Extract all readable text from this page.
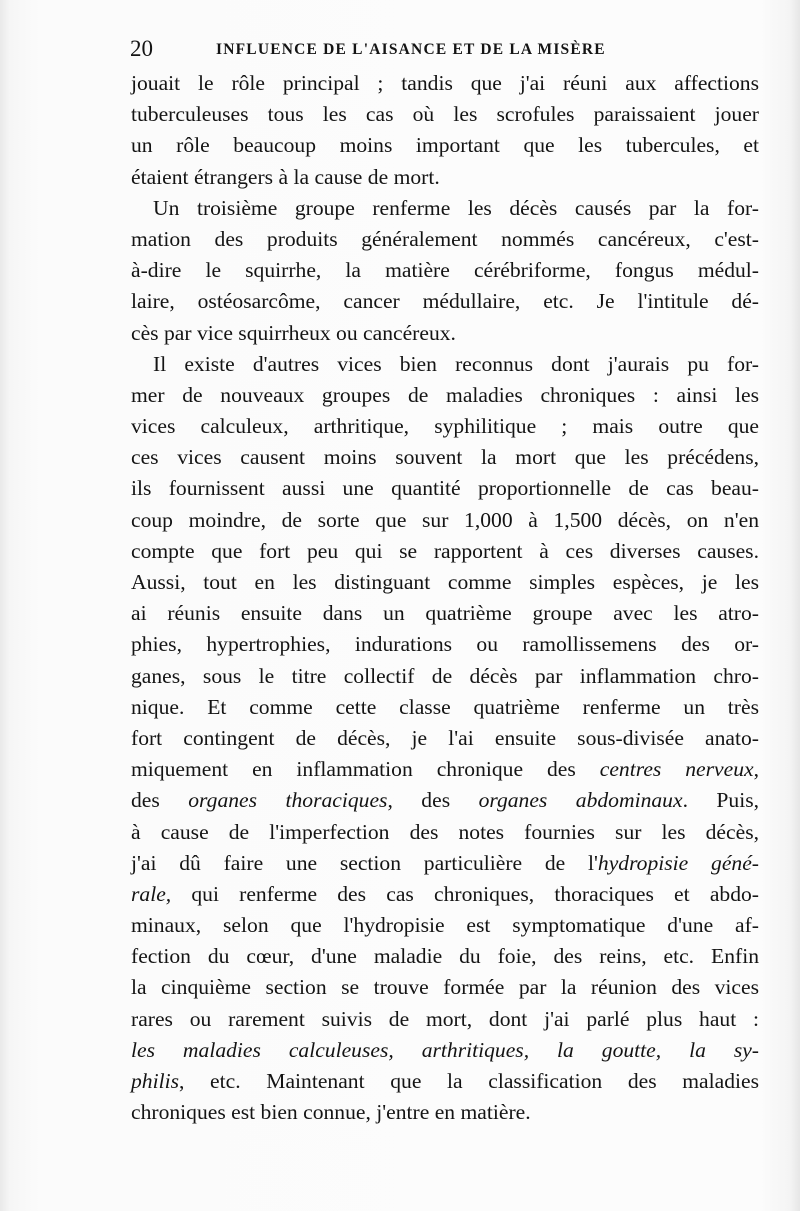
20	INFLUENCE DE L'AISANCE ET DE LA MISÈRE
jouait le rôle principal ; tandis que j'ai réuni aux affections
tuberculeuses tous les cas où les scrofules paraissaient jouer
un rôle beaucoup moins important que les tubercules, et
étaient étrangers à la cause de mort.
Un troisième groupe renferme les décès causés par la for-
mation des produits généralement nommés cancéreux, c'est-
à-dire le squirrhe, la matière cérébriforme, fongus médul-
laire, ostéosarcôme, cancer médullaire, etc. Je l'intitule dé-
cès par vice squirrheux ou cancéreux.
Il existe d'autres vices bien reconnus dont j'aurais pu for-
mer de nouveaux groupes de maladies chroniques : ainsi les
vices calculeux, arthritique, syphilitique ; mais outre que
ces vices causent moins souvent la mort que les précédens,
ils fournissent aussi une quantité proportionnelle de cas beau-
coup moindre, de sorte que sur 1,000 à 1,500 décès, on n'en
compte que fort peu qui se rapportent à ces diverses causes.
Aussi, tout en les distinguant comme simples espèces, je les
ai réunis ensuite dans un quatrième groupe avec les atro-
phies, hypertrophies, indurations ou ramollissemens des or-
ganes, sous le titre collectif de décès par inflammation chro-
nique. Et comme cette classe quatrième renferme un très
fort contingent de décès, je l'ai ensuite sous-divisée anato-
miquement en inflammation chronique des centres nerveux,
des organes thoraciques, des organes abdominaux. Puis,
à cause de l'imperfection des notes fournies sur les décès,
j'ai dû faire une section particulière de l'hydropisie géné-
rale, qui renferme des cas chroniques, thoraciques et abdo-
minaux, selon que l'hydropisie est symptomatique d'une af-
fection du cœur, d'une maladie du foie, des reins, etc. Enfin
la cinquième section se trouve formée par la réunion des vices
rares ou rarement suivis de mort, dont j'ai parlé plus haut :
les maladies calculeuses, arthritiques, la goutte, la sy-
philis, etc. Maintenant que la classification des maladies
chroniques est bien connue, j'entre en matière.
